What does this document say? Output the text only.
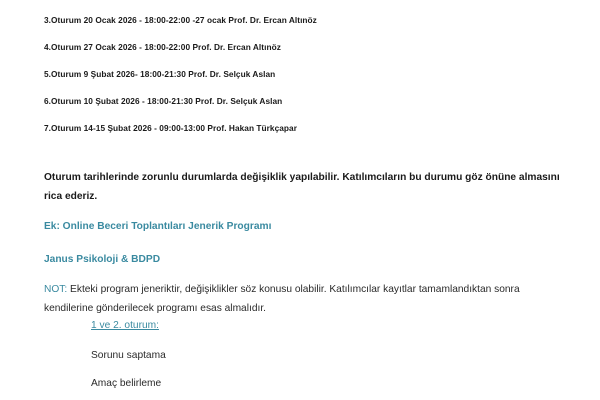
3.Oturum 20 Ocak 2026 - 18:00-22:00 -27 ocak Prof. Dr. Ercan Altınöz
4.Oturum 27 Ocak 2026 - 18:00-22:00 Prof. Dr. Ercan Altınöz
5.Oturum 9 Şubat 2026- 18:00-21:30 Prof. Dr. Selçuk Aslan
6.Oturum 10 Şubat 2026 - 18:00-21:30 Prof. Dr. Selçuk Aslan
7.Oturum 14-15 Şubat 2026 - 09:00-13:00 Prof. Hakan Türkçapar
Oturum tarihlerinde zorunlu durumlarda değişiklik yapılabilir. Katılımcıların bu durumu göz önüne almasını rica ederiz.
Ek: Online Beceri Toplantıları Jenerik Programı
Janus Psikoloji & BDPD
NOT: Ekteki program jeneriktir, değişiklikler söz konusu olabilir. Katılımcılar kayıtlar tamamlandıktan sonra kendilerine gönderilecek programı esas almalıdır.
1 ve 2. oturum:
Sorunu saptama
Amaç belirleme
